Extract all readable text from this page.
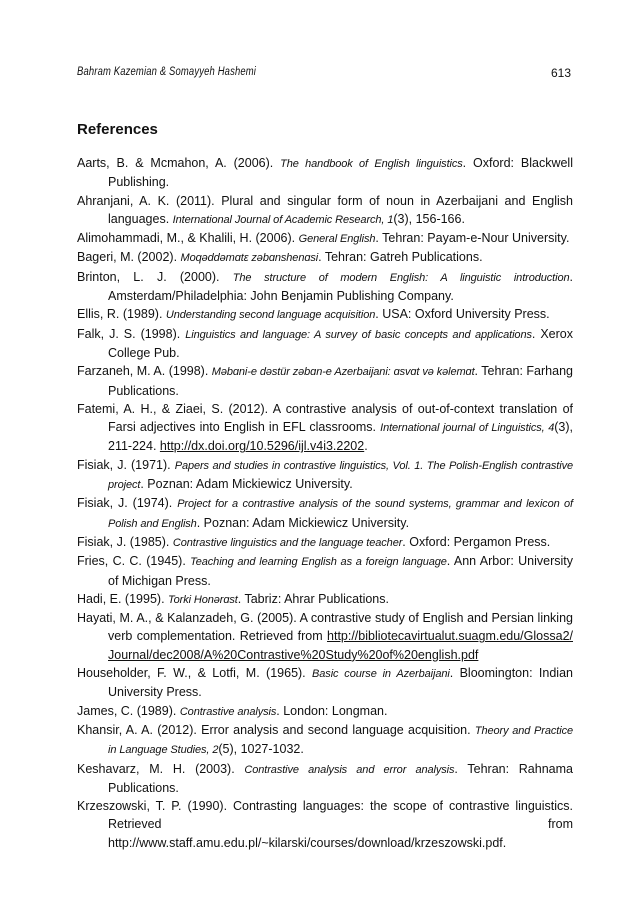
Bahram Kazemian & Somayyeh Hashemi	613
References

Aarts, B. & Mcmahon, A. (2006). The handbook of English linguistics. Oxford: Blackwell Publishing.

Ahranjani, A. K. (2011). Plural and singular form of noun in Azerbaijani and English languages. International Journal of Academic Research, 1(3), 156-166.

Alimohammadi, M., & Khalili, H. (2006). General English. Tehran: Payam-e-Nour University.

Bageri, M. (2002). Moqəddəmɑtɛ zəbɑnshenɑsi. Tehran: Gatreh Publications.

Brinton, L. J. (2000). The structure of modern English: A linguistic introduction. Amsterdam/Philadelphia: John Benjamin Publishing Company.

Ellis, R. (1989). Understanding second language acquisition. USA: Oxford University Press.

Falk, J. S. (1998). Linguistics and language: A survey of basic concepts and applications. Xerox College Pub.

Farzaneh, M. A. (1998). Məbɑni-e dəstür zəbɑn-e Azerbaijani: ɑsvɑt və kəlemɑt. Tehran: Farhang Publications.

Fatemi, A. H., & Ziaei, S. (2012). A contrastive analysis of out-of-context translation of Farsi adjectives into English in EFL classrooms. International journal of Linguistics, 4(3), 211-224. http://dx.doi.org/10.5296/ijl.v4i3.2202.

Fisiak, J. (1971). Papers and studies in contrastive linguistics, Vol. 1. The Polish-English contrastive project. Poznan: Adam Mickiewicz University.

Fisiak, J. (1974). Project for a contrastive analysis of the sound systems, grammar and lexicon of Polish and English. Poznan: Adam Mickiewicz University.

Fisiak, J. (1985). Contrastive linguistics and the language teacher. Oxford: Pergamon Press.

Fries, C. C. (1945). Teaching and learning English as a foreign language. Ann Arbor: University of Michigan Press.

Hadi, E. (1995). Torki Honərɑst. Tabriz: Ahrar Publications.

Hayati, M. A., & Kalanzadeh, G. (2005). A contrastive study of English and Persian linking verb complementation. Retrieved from http://bibliotecavirtualut.suagm.edu/Glossa2/Journal/dec2008/A%20Contrastive%20Study%20of%20english.pdf

Householder, F. W., & Lotfi, M. (1965). Basic course in Azerbaijani. Bloomington: Indian University Press.

James, C. (1989). Contrastive analysis. London: Longman.

Khansir, A. A. (2012). Error analysis and second language acquisition. Theory and Practice in Language Studies, 2(5), 1027-1032.

Keshavarz, M. H. (2003). Contrastive analysis and error analysis. Tehran: Rahnama Publications.

Krzeszowski, T. P. (1990). Contrasting languages: the scope of contrastive linguistics. Retrieved from http://www.staff.amu.edu.pl/~kilarski/courses/download/krzeszowski.pdf.
